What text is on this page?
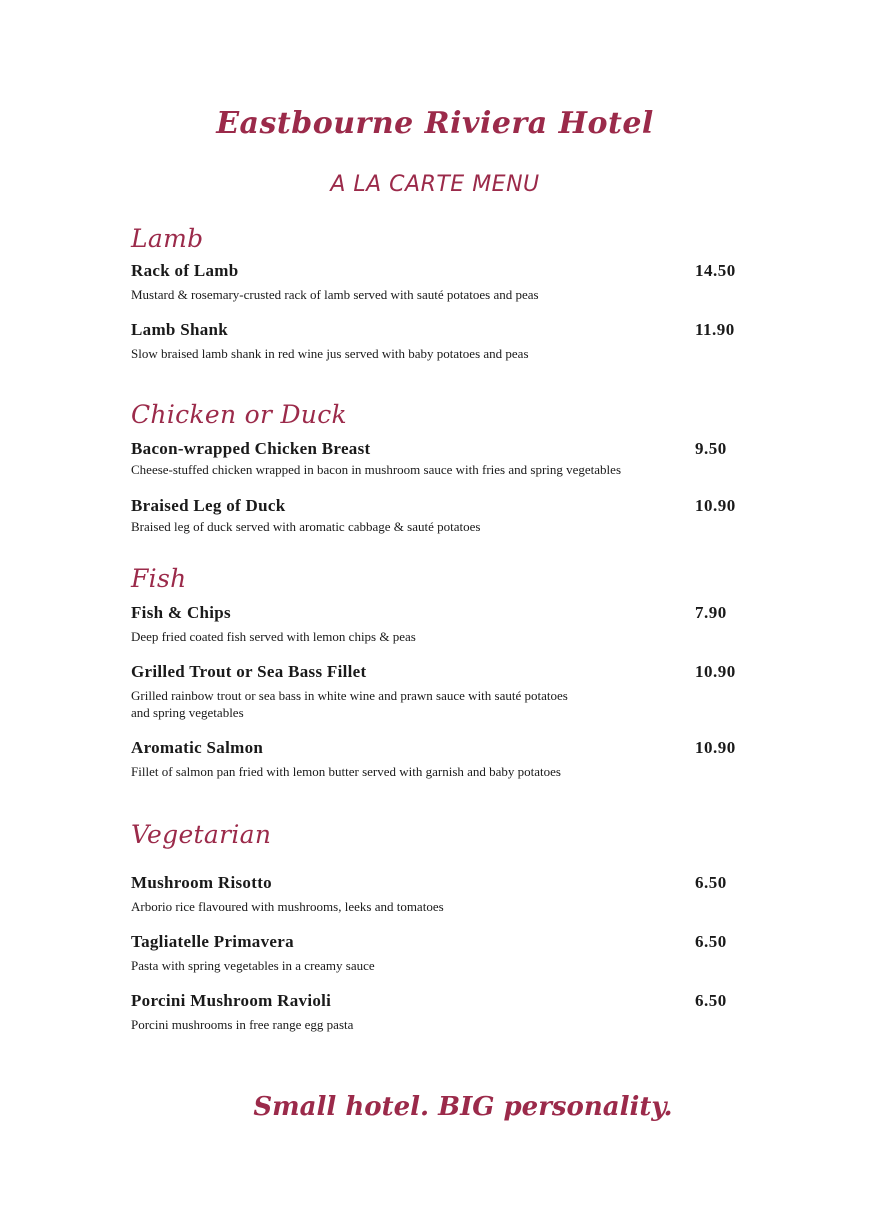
Eastbourne Riviera Hotel
A LA CARTE MENU
Lamb
Rack of Lamb	14.50
Mustard & rosemary-crusted rack of lamb served with sauté potatoes and peas
Lamb Shank	11.90
Slow braised lamb shank in red wine jus served with baby potatoes and peas
Chicken or Duck
Bacon-wrapped Chicken Breast	9.50
Cheese-stuffed chicken wrapped in bacon in mushroom sauce with fries and spring vegetables
Braised Leg of Duck	10.90
Braised leg of duck served with aromatic cabbage & sauté potatoes
Fish
Fish & Chips	7.90
Deep fried coated fish served with lemon chips & peas
Grilled Trout or Sea Bass Fillet	10.90
Grilled rainbow trout or sea bass in white wine and prawn sauce with sauté potatoes
and spring vegetables
Aromatic Salmon	10.90
Fillet of salmon pan fried with lemon butter served with garnish and baby potatoes
Vegetarian
Mushroom Risotto	6.50
Arborio rice flavoured with mushrooms, leeks and tomatoes
Tagliatelle Primavera	6.50
Pasta with spring vegetables in a creamy sauce
Porcini Mushroom Ravioli	6.50
Porcini mushrooms in free range egg pasta
Small hotel. BIG personality.
